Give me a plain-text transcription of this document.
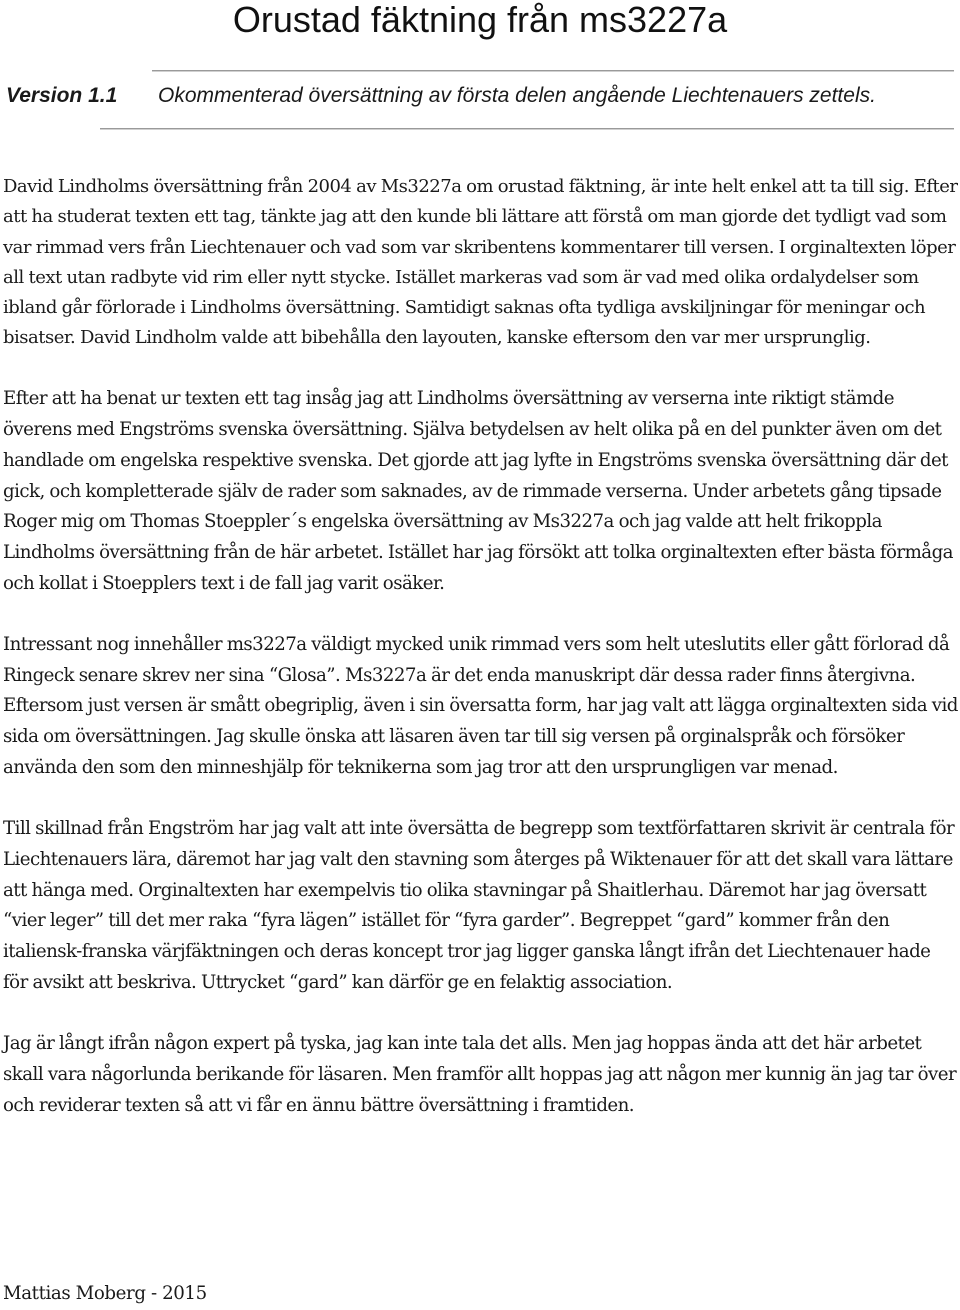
Orustad fäktning från ms3227a
Version 1.1 Okommenterad översättning av första delen angående Liechtenauers zettels.

David Lindholms översättning från 2004 av Ms3227a om orustad fäktning, är inte helt enkel att ta till sig. Efter att ha studerat texten ett tag, tänkte jag att den kunde bli lättare att förstå om man gjorde det tydligt vad som var rimmad vers från Liechtenauer och vad som var skribentens kommentarer till versen. I orginaltexten löper all text utan radbyte vid rim eller nytt stycke. Istället markeras vad som är vad med olika ordalydelser som ibland går förlorade i Lindholms översättning. Samtidigt saknas ofta tydliga avskiljningar för meningar och bisatser. David Lindholm valde att bibehålla den layouten, kanske eftersom den var mer ursprunglig.

Efter att ha benat ur texten ett tag insåg jag att Lindholms översättning av verserna inte riktigt stämde överens med Engströms svenska översättning. Själva betydelsen av helt olika på en del punkter även om det handlade om engelska respektive svenska. Det gjorde att jag lyfte in Engströms svenska översättning där det gick, och kompletterade själv de rader som saknades, av de rimmade verserna. Under arbetets gång tipsade Roger mig om Thomas Stoeppler´s engelska översättning av Ms3227a och jag valde att helt frikoppla Lindholms översättning från de här arbetet. Istället har jag försökt att tolka orginaltexten efter bästa förmåga och kollat i Stoepplers text i de fall jag varit osäker.

Intressant nog innehåller ms3227a väldigt mycked unik rimmad vers som helt uteslutits eller gått förlorad då Ringeck senare skrev ner sina “Glosa”. Ms3227a är det enda manuskript där dessa rader finns återgivna. Eftersom just versen är smått obegriplig, även i sin översatta form, har jag valt att lägga orginaltexten sida vid sida om översättningen. Jag skulle önska att läsaren även tar till sig versen på orginalspråk och försöker använda den som den minneshjälp för teknikerna som jag tror att den ursprungligen var menad.

Till skillnad från Engström har jag valt att inte översätta de begrepp som textförfattaren skrivit är centrala för Liechtenauers lära, däremot har jag valt den stavning som återges på Wiktenauer för att det skall vara lättare att hänga med. Orginaltexten har exempelvis tio olika stavningar på Shaitlerhau. Däremot har jag översatt “vier leger” till det mer raka “fyra lägen” istället för “fyra garder”. Begreppet “gard” kommer från den italiensk-franska värjfäktningen och deras koncept tror jag ligger ganska långt ifrån det Liechtenauer hade för avsikt att beskriva. Uttrycket “gard” kan därför ge en felaktig association.

Jag är långt ifrån någon expert på tyska, jag kan inte tala det alls. Men jag hoppas ända att det här arbetet skall vara någorlunda berikande för läsaren. Men framför allt hoppas jag att någon mer kunnig än jag tar över och reviderar texten så att vi får en ännu bättre översättning i framtiden.

Mattias Moberg - 2015
